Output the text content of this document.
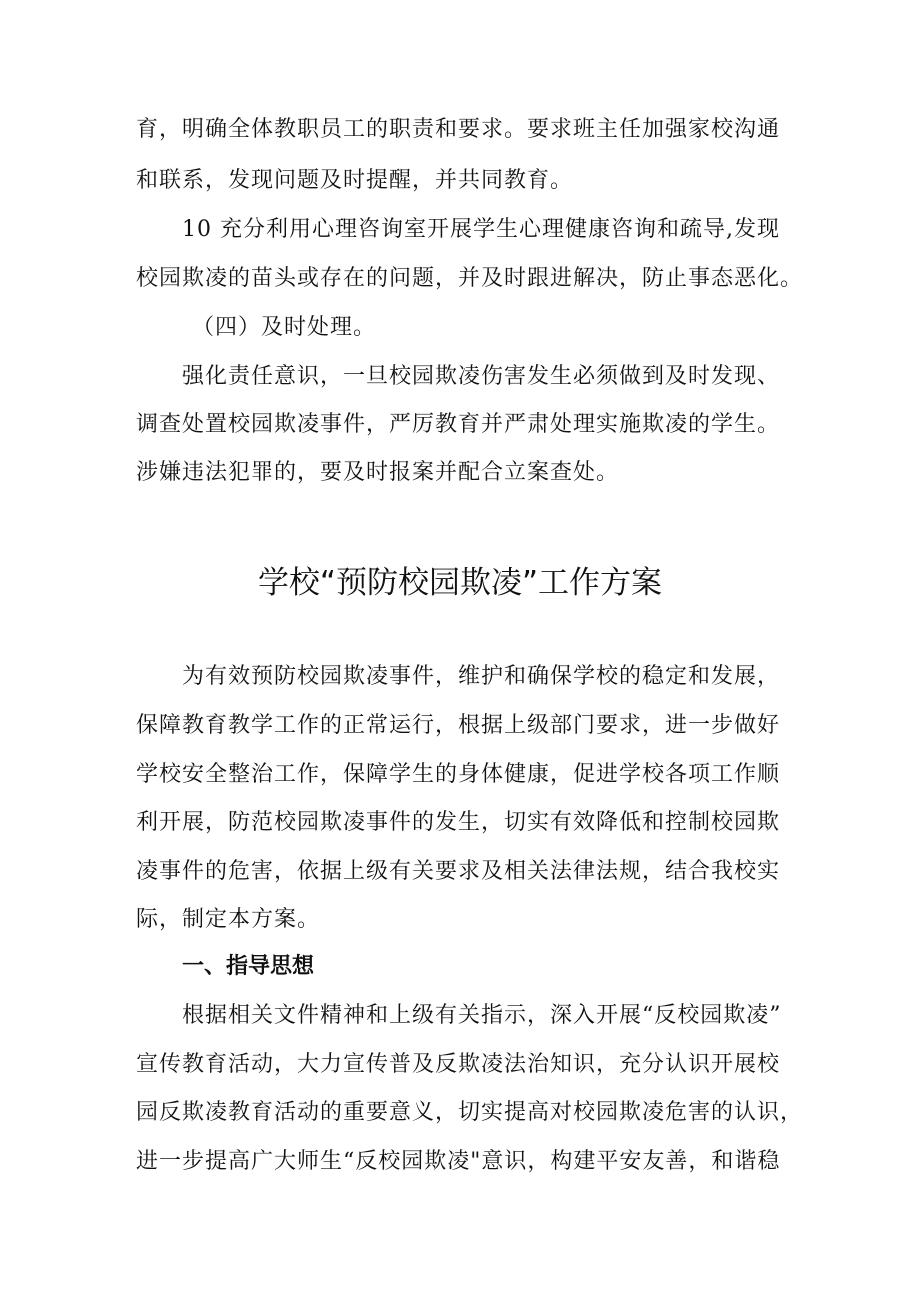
育，明确全体教职员工的职责和要求。要求班主任加强家校沟通
和联系，发现问题及时提醒，并共同教育。
10 充分利用心理咨询室开展学生心理健康咨询和疏导,发现
校园欺凌的苗头或存在的问题，并及时跟进解决，防止事态恶化。
（四）及时处理。
强化责任意识，一旦校园欺凌伤害发生必须做到及时发现、
调查处置校园欺凌事件，严厉教育并严肃处理实施欺凌的学生。
涉嫌违法犯罪的，要及时报案并配合立案查处。
学校“预防校园欺凌”工作方案
为有效预防校园欺凌事件，维护和确保学校的稳定和发展，
保障教育教学工作的正常运行，根据上级部门要求，进一步做好
学校安全整治工作，保障学生的身体健康，促进学校各项工作顺
利开展，防范校园欺凌事件的发生，切实有效降低和控制校园欺
凌事件的危害，依据上级有关要求及相关法律法规，结合我校实
际，制定本方案。
一、指导思想
根据相关文件精神和上级有关指示，深入开展“反校园欺凌”
宣传教育活动，大力宣传普及反欺凌法治知识，充分认识开展校
园反欺凌教育活动的重要意义，切实提高对校园欺凌危害的认识，
进一步提高广大师生“反校园欺凌"意识，构建平安友善，和谐稳
